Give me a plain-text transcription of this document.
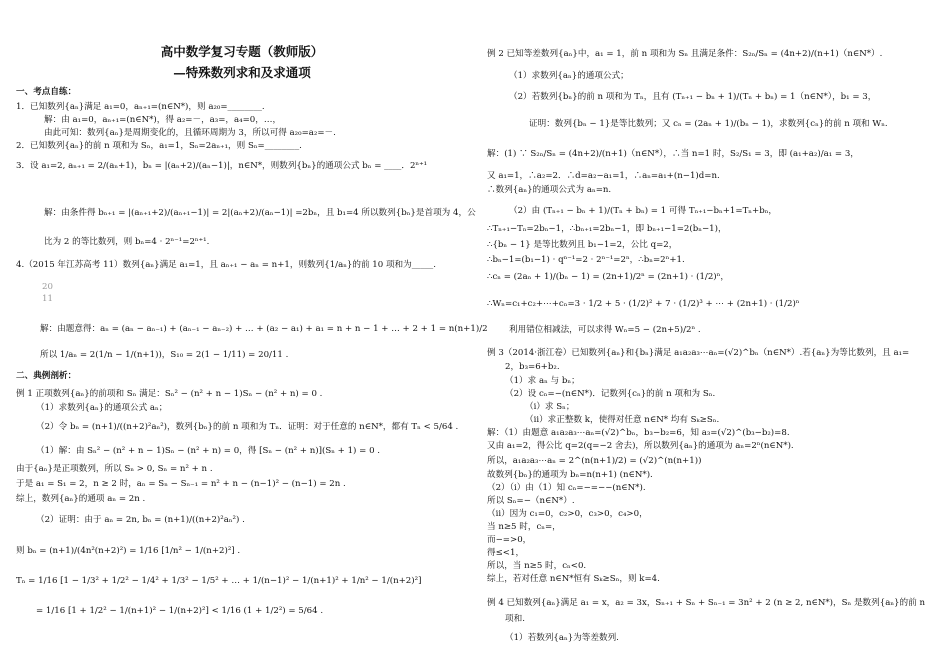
高中数学复习专题（教师版）
—特殊数列求和及求通项
一、考点自练：
1．已知数列{aₙ}满足 a₁=0，aₙ₊₁=(n∈N*)，则 a₂₀=________.
解：由 a₁=0，aₙ₊₁=(n∈N*)，得 a₂=－，a₃=，a₄=0，…，
由此可知：数列{aₙ}是周期变化的，且循环周期为 3，所以可得 a₂₀=a₂=－.
2．已知数列{aₙ}的前 n 项和为 Sₙ，a₁=1，Sₙ=2aₙ₊₁，则 Sₙ=________.
3．设 a₁=2, aₙ₊₁ = 2/(aₙ+1)，bₙ = |(aₙ+2)/(aₙ−1)|，n∈N*，则数列{bₙ}的通项公式 bₙ = ____．2ⁿ⁺¹
解：由条件得 bₙ₊₁ = |(aₙ₊₁+2)/(aₙ₊₁−1)| = 2|(aₙ+2)/(aₙ−1)| =2bₙ，且 b₁=4 所以数列{bₙ}是首项为 4，公
比为 2 的等比数列，则 bₙ=4 · 2ⁿ⁻¹=2ⁿ⁺¹.
4.（2015 年江苏高考 11）数列{aₙ}满足 a₁=1，且 aₙ₊₁ − aₙ = n+1，则数列{1/aₙ}的前 10 项和为_____.
20
11
解：由题意得：aₙ = (aₙ − aₙ₋₁) + (aₙ₋₁ − aₙ₋₂) + … + (a₂ − a₁) + a₁ = n + n − 1 + … + 2 + 1 = n(n+1)/2
所以 1/aₙ = 2(1/n − 1/(n+1))，S₁₀ = 2(1 − 1/11) = 20/11 .
二、典例剖析：
例 1 正项数列{aₙ}的前项和 Sₙ 满足：Sₙ² − (n² + n − 1)Sₙ − (n² + n) = 0 .
（1）求数列{aₙ}的通项公式 aₙ；
（2）令 bₙ = (n+1)/((n+2)²aₙ²)，数列{bₙ}的前 n 项和为 Tₙ．证明：对于任意的 n∈N*，都有 Tₙ < 5/64 .
（1）解：由 Sₙ² − (n² + n − 1)Sₙ − (n² + n) = 0，得 [Sₙ − (n² + n)](Sₙ + 1) = 0 .
由于{aₙ}是正项数列，所以 Sₙ > 0, Sₙ = n² + n .
于是 a₁ = S₁ = 2，n ≥ 2 时，aₙ = Sₙ − Sₙ₋₁ = n² + n − (n−1)² − (n−1) = 2n .
综上，数列{aₙ}的通项 aₙ = 2n .
（2）证明：由于 aₙ = 2n, bₙ = (n+1)/((n+2)²aₙ²) .
则 bₙ = (n+1)/(4n²(n+2)²) = 1/16 [1/n² − 1/(n+2)²] .
Tₙ = 1/16 [1 − 1/3² + 1/2² − 1/4² + 1/3² − 1/5² + … + 1/(n−1)² − 1/(n+1)² + 1/n² − 1/(n+2)²]
= 1/16 [1 + 1/2² − 1/(n+1)² − 1/(n+2)²] < 1/16 (1 + 1/2²) = 5/64 .
例 2 已知等差数列{aₙ}中，a₁ = 1，前 n 项和为 Sₙ 且满足条件：S₂ₙ/Sₙ = (4n+2)/(n+1)（n∈N*）.
（1）求数列{aₙ}的通项公式；
（2）若数列{bₙ}的前 n 项和为 Tₙ，且有 (Tₙ₊₁ − bₙ + 1)/(Tₙ + bₙ) = 1（n∈N*），b₁ = 3，
证明：数列{bₙ − 1}是等比数列；又 cₙ = (2aₙ + 1)/(bₙ − 1)，求数列{cₙ}的前 n 项和 Wₙ.
解：(1) ∵ S₂ₙ/Sₙ = (4n+2)/(n+1)（n∈N*），∴当 n=1 时，S₂/S₁ = 3，即 (a₁+a₂)/a₁ = 3，
又 a₁=1，∴a₂=2．∴d=a₂−a₁=1，∴aₙ=a₁+(n−1)d=n.
∴数列{aₙ}的通项公式为 aₙ=n.
（2）由 (Tₙ₊₁ − bₙ + 1)/(Tₙ + bₙ) = 1 可得 Tₙ₊₁−bₙ+1=Tₙ+bₙ，
∴Tₙ₊₁−Tₙ=2bₙ−1，∴bₙ₊₁=2bₙ−1，即 bₙ₊₁−1=2(bₙ−1)，
∴{bₙ − 1} 是等比数列且 b₁−1=2，公比 q=2，
∴bₙ−1=(b₁−1) · qⁿ⁻¹=2 · 2ⁿ⁻¹=2ⁿ，∴bₙ=2ⁿ+1.
∴cₙ = (2aₙ + 1)/(bₙ − 1) = (2n+1)/2ⁿ = (2n+1) · (1/2)ⁿ，
∴Wₙ=c₁+c₂+⋯+cₙ=3 · 1/2 + 5 · (1/2)² + 7 · (1/2)³ + ⋯ + (2n+1) · (1/2)ⁿ
利用错位相减法，可以求得 Wₙ=5 − (2n+5)/2ⁿ .
例 3（2014·浙江卷）已知数列{aₙ}和{bₙ}满足 a₁a₂a₃⋯aₙ=(√2)^bₙ（n∈N*）.若{aₙ}为等比数列，且 a₁=
2，b₃=6+b₂.
（1）求 aₙ 与 bₙ；
（2）设 cₙ=−(n∈N*)．记数列{cₙ}的前 n 项和为 Sₙ.
（i）求 Sₙ；
（ii）求正整数 k，使得对任意 n∈N* 均有 Sₖ≥Sₙ.
解：（1）由题意 a₁a₂a₃⋯aₙ=(√2)^bₙ，b₃−b₂=6，知 a₃=(√2)^(b₃−b₂)=8.
又由 a₁=2，得公比 q=2(q=−2 舍去)，所以数列{aₙ}的通项为 aₙ=2ⁿ(n∈N*).
所以，a₁a₂a₃⋯aₙ = 2^(n(n+1)/2) = (√2)^(n(n+1))
故数列{bₙ}的通项为 bₙ=n(n+1) (n∈N*).
（2）（i）由（1）知 cₙ=−=−−(n∈N*).
所以 Sₙ=−（n∈N*）.
（ii）因为 c₁=0，c₂>0，c₃>0，c₄>0，
当 n≥5 时，cₙ=，
而−=>0，
得≤<1，
所以，当 n≥5 时，cₙ<0.
综上，若对任意 n∈N*恒有 Sₖ≥Sₙ，则 k=4.
例 4 已知数列{aₙ}满足 a₁ = x，a₂ = 3x，Sₙ₊₁ + Sₙ + Sₙ₋₁ = 3n² + 2 (n ≥ 2, n∈N*)，Sₙ 是数列{aₙ}的前 n
项和.
（1）若数列{aₙ}为等差数列.
